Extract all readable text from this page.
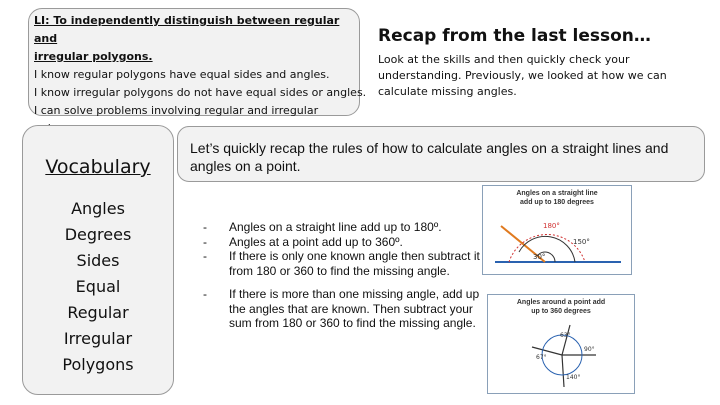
LI: To independently distinguish between regular and
irregular polygons.
I know regular polygons have equal sides and angles.
I know irregular polygons do not have equal sides or angles.
I can solve problems involving regular and irregular
Recap from the last lesson…
Look at the skills and then quickly check your understanding. Previously, we looked at how we can calculate missing angles.
Vocabulary
Angles
Degrees
Sides
Equal
Regular
Irregular
Polygons
Let’s quickly recap the rules of how to calculate angles on a straight lines and angles on a point.
- Angles on a straight line add up to 180º.
- Angles at a point add up to 360º.
- If there is only one known angle then subtract it from 180 or 360 to find the missing angle.
- If there is more than one missing angle, add up the angles that are known. Then subtract your sum from 180 or 360 to find the missing angle.
Angles on a straight line
add up to 180 degrees
180°
150°
30°
Angles around a point add
up to 360 degrees
63°
90°
67°
140°
